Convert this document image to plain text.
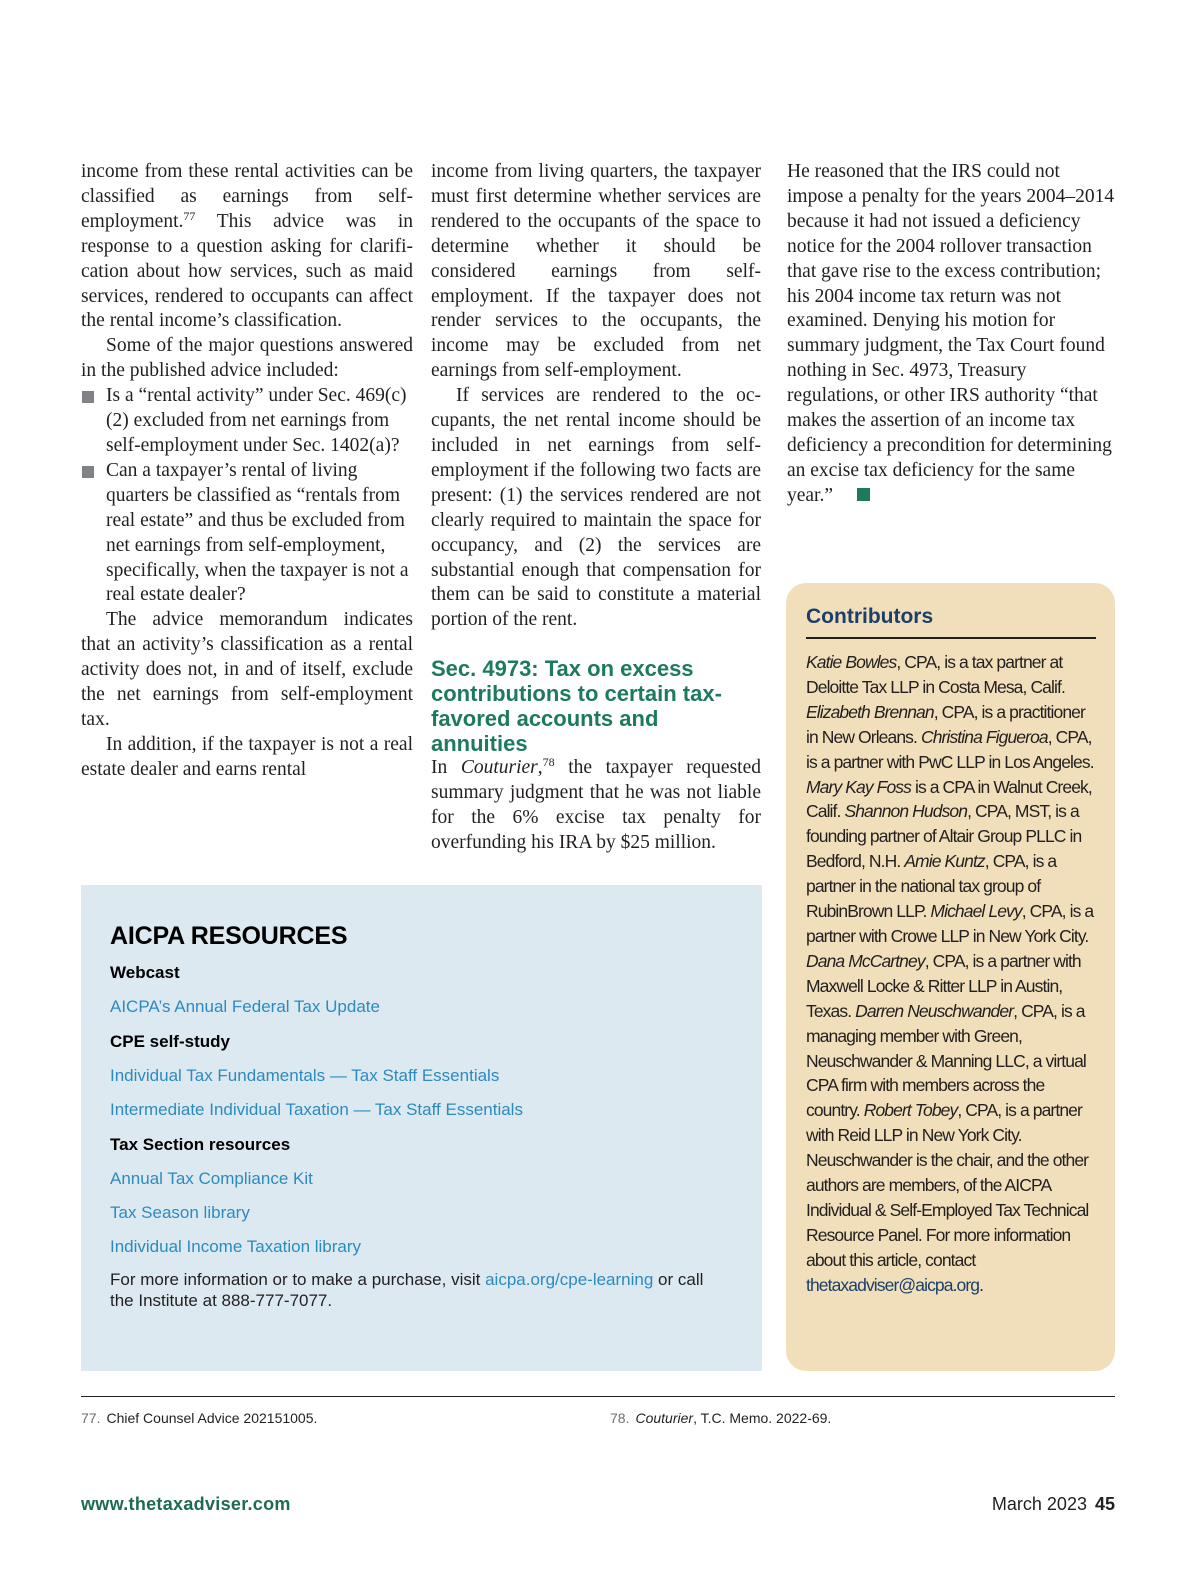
income from these rental activities can be classified as earnings from self-employment.$^{77}$ This advice was in response to a question asking for clarification about how services, such as maid services, rendered to occupants can affect the rental income’s classification.

Some of the major questions answered in the published advice included:

Is a “rental activity” under Sec. 469(c)(2) excluded from net earnings from self-employment under Sec. 1402(a)?
Can a taxpayer’s rental of living quarters be classified as “rentals from real estate” and thus be excluded from net earnings from self-employment, specifically, when the taxpayer is not a real estate dealer?

The advice memorandum indicates that an activity’s classification as a rental activity does not, in and of itself, exclude the net earnings from self-employment tax.

In addition, if the taxpayer is not a real estate dealer and earns rental

income from living quarters, the taxpayer must first determine whether services are rendered to the occupants of the space to determine whether it should be considered earnings from self-employment. If the taxpayer does not render services to the occupants, the income may be excluded from net earnings from self-employment.

If services are rendered to the occupants, the net rental income should be included in net earnings from self-employment if the following two facts are present: (1) the services rendered are not clearly required to maintain the space for occupancy, and (2) the services are substantial enough that compensation for them can be said to constitute a material portion of the rent.

Sec. 4973: Tax on excess contributions to certain tax-favored accounts and annuities

In Couturier,$^{78}$ the taxpayer requested summary judgment that he was not liable for the 6% excise tax penalty for overfunding his IRA by $25 million.

He reasoned that the IRS could not impose a penalty for the years 2004–2014 because it had not issued a deficiency notice for the 2004 rollover transaction that gave rise to the excess contribution; his 2004 income tax return was not examined. Denying his motion for summary judgment, the Tax Court found nothing in Sec. 4973, Treasury regulations, or other IRS authority “that makes the assertion of an income tax deficiency a precondition for determining an excise tax deficiency for the same year.”

AICPA RESOURCES
Webcast
AICPA’s Annual Federal Tax Update
CPE self-study
Individual Tax Fundamentals — Tax Staff Essentials
Intermediate Individual Taxation — Tax Staff Essentials
Tax Section resources
Annual Tax Compliance Kit
Tax Season library
Individual Income Taxation library
For more information or to make a purchase, visit aicpa.org/cpe-learning or call the Institute at 888-777-7077.
Contributors
Katie Bowles, CPA, is a tax partner at Deloitte Tax LLP in Costa Mesa, Calif. Elizabeth Brennan, CPA, is a practitioner in New Orleans. Christina Figueroa, CPA, is a partner with PwC LLP in Los Angeles. Mary Kay Foss is a CPA in Walnut Creek, Calif. Shannon Hudson, CPA, MST, is a founding partner of Altair Group PLLC in Bedford, N.H. Amie Kuntz, CPA, is a partner in the national tax group of RubinBrown LLP. Michael Levy, CPA, is a partner with Crowe LLP in New York City. Dana McCartney, CPA, is a partner with Maxwell Locke & Ritter LLP in Austin, Texas. Darren Neuschwander, CPA, is a managing member with Green, Neuschwander & Manning LLC, a virtual CPA firm with members across the country. Robert Tobey, CPA, is a partner with Reid LLP in New York City. Neuschwander is the chair, and the other authors are members, of the AICPA Individual & Self-Employed Tax Technical Resource Panel. For more information about this article, contact thetaxadviser@aicpa.org.
77. Chief Counsel Advice 202151005.	78. Couturier, T.C. Memo. 2022-69.
www.thetaxadviser.com	March 2023 45
